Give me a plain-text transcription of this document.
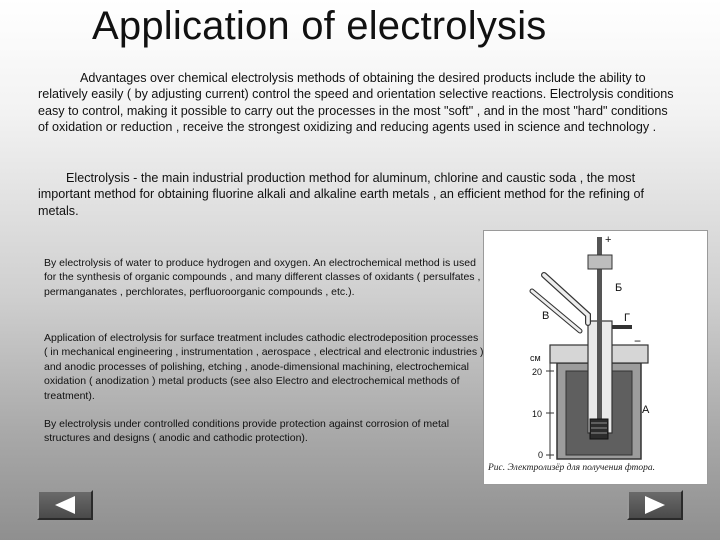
Application of electrolysis

Advantages over chemical electrolysis methods of obtaining the desired products include the ability to relatively easily ( by adjusting current) control the speed and orientation selective reactions. Electrolysis conditions easy to control, making it possible to carry out the processes in the most "soft" , and in the most "hard" conditions of oxidation or reduction , receive the strongest oxidizing and reducing agents used in science and technology .

Electrolysis - the main industrial production method for aluminum, chlorine and caustic soda , the most important method for obtaining fluorine alkali and alkaline earth metals , an efficient method for the refining of metals.

By electrolysis of water to produce hydrogen and oxygen. An electrochemical method is used for the synthesis of organic compounds , and many different classes of oxidants ( persulfates , permanganates , perchlorates, perfluoroorganic compounds , etc.).

Application of electrolysis for surface treatment includes cathodic electrodeposition processes ( in mechanical engineering , instrumentation , aerospace , electrical and electronic industries ) and anodic processes of polishing, etching , anode-dimensional machining, electrochemical oxidation ( anodization ) metal products (see also Electro and electrochemical methods of treatment).

By electrolysis under controlled conditions provide protection against corrosion of metal structures and designs ( anodic and cathodic protection).

+
−
Б
В	Г
А
см
20
10
0
Рис. Электролизёр для получения фтора.
